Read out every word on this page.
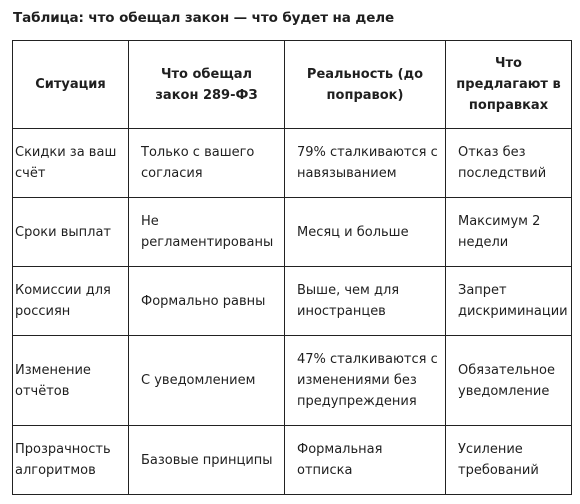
Таблица: что обещал закон — что будет на деле
Ситуация	Что обещал закон 289-ФЗ	Реальность (до поправок)	Что предлагают в поправках
Скидки за ваш счёт	Только с вашего согласия	79% сталкиваются с навязыванием	Отказ без последствий
Сроки выплат	Не регламентированы	Месяц и больше	Максимум 2 недели
Комиссии для россиян	Формально равны	Выше, чем для иностранцев	Запрет дискриминации
Изменение отчётов	С уведомлением	47% сталкиваются с изменениями без предупреждения	Обязательное уведомление
Прозрачность алгоритмов	Базовые принципы	Формальная отписка	Усиление требований
